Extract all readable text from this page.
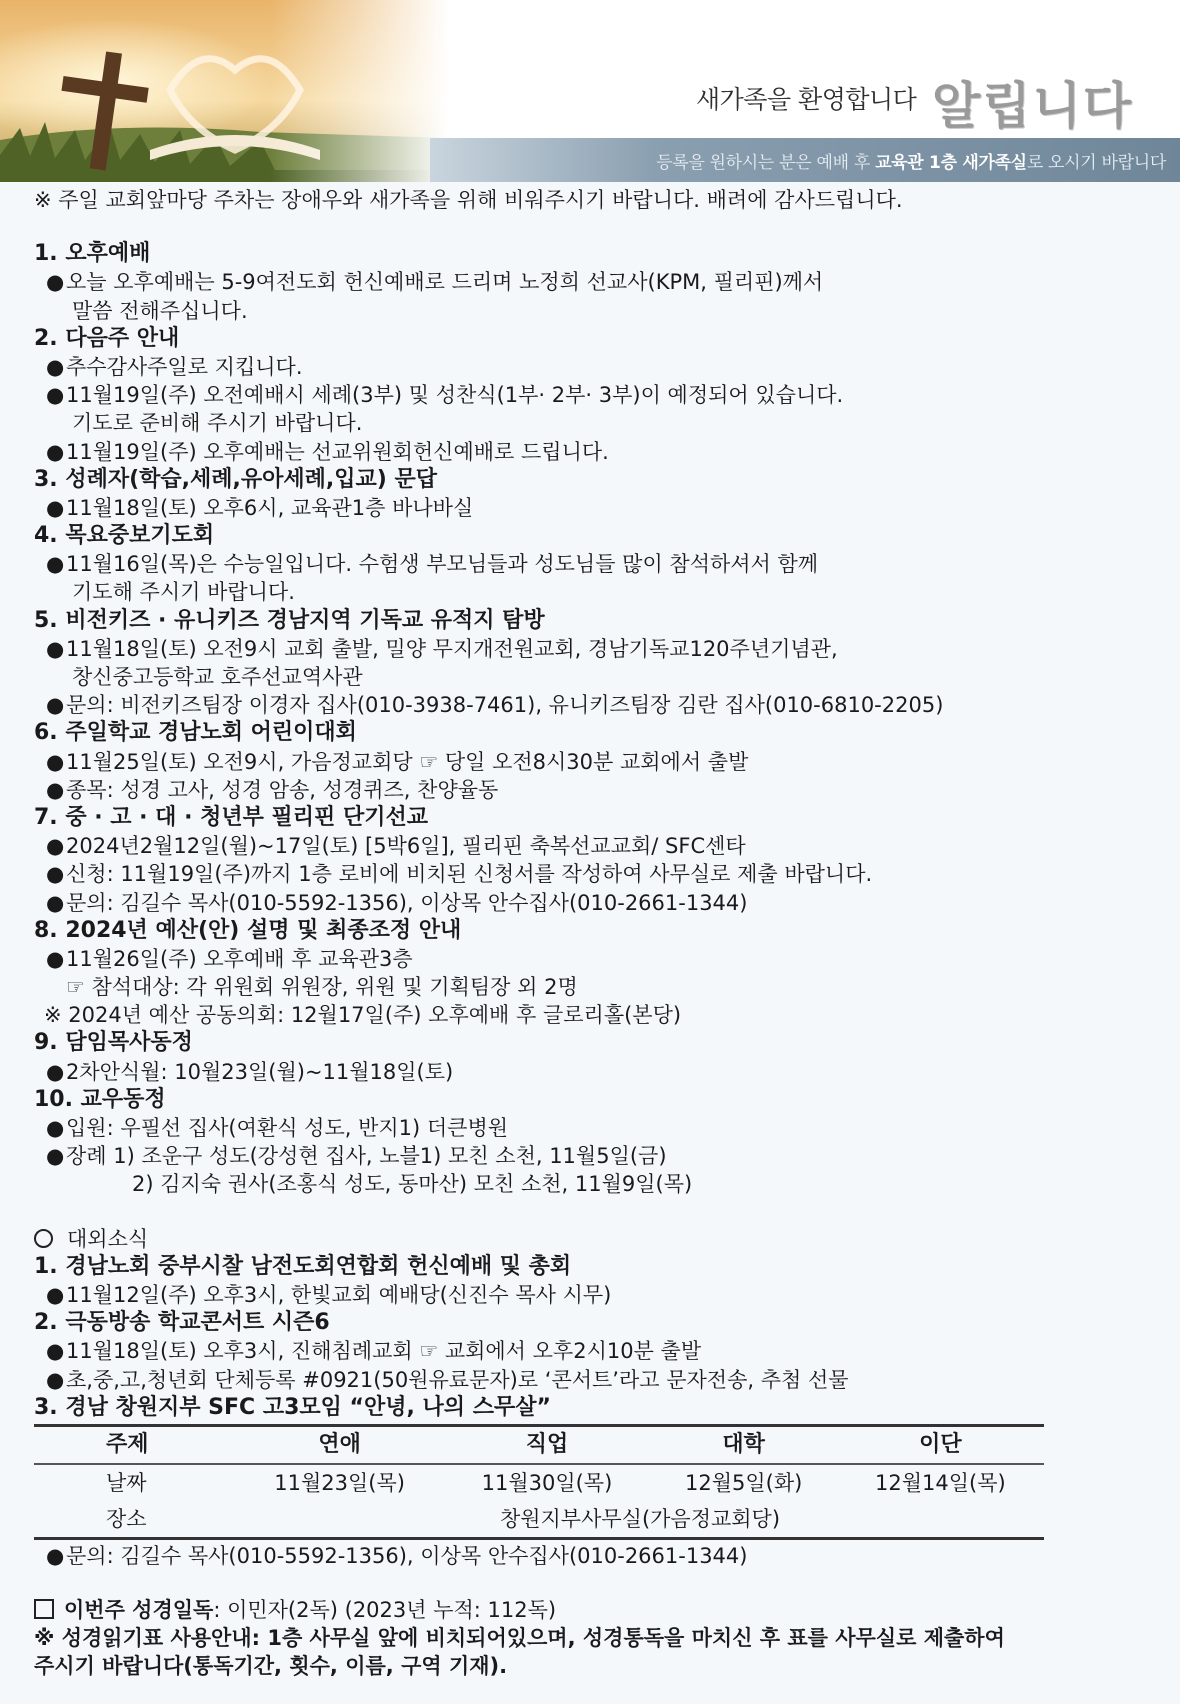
새가족을 환영합니다 알립니다
등록을 원하시는 분은 예배 후 교육관 1층 새가족실로 오시기 바랍니다
※ 주일 교회앞마당 주차는 장애우와 새가족을 위해 비워주시기 바랍니다. 배려에 감사드립니다.
1. 오후예배
●오늘 오후예배는 5-9여전도회 헌신예배로 드리며 노정희 선교사(KPM, 필리핀)께서
말씀 전해주십니다.
2. 다음주 안내
●추수감사주일로 지킵니다.
●11월19일(주) 오전예배시 세례(3부) 및 성찬식(1부· 2부· 3부)이 예정되어 있습니다.
기도로 준비해 주시기 바랍니다.
●11월19일(주) 오후예배는 선교위원회헌신예배로 드립니다.
3. 성례자(학습,세례,유아세례,입교) 문답
●11월18일(토) 오후6시, 교육관1층 바나바실
4. 목요중보기도회
●11월16일(목)은 수능일입니다. 수험생 부모님들과 성도님들 많이 참석하셔서 함께
기도해 주시기 바랍니다.
5. 비전키즈 · 유니키즈 경남지역 기독교 유적지 탐방
●11월18일(토) 오전9시 교회 출발, 밀양 무지개전원교회, 경남기독교120주년기념관,
창신중고등학교 호주선교역사관
●문의: 비전키즈팀장 이경자 집사(010-3938-7461), 유니키즈팀장 김란 집사(010-6810-2205)
6. 주일학교 경남노회 어린이대회
●11월25일(토) 오전9시, 가음정교회당 ☞ 당일 오전8시30분 교회에서 출발
●종목: 성경 고사, 성경 암송, 성경퀴즈, 찬양율동
7. 중 · 고 · 대 · 청년부 필리핀 단기선교
●2024년2월12일(월)~17일(토) [5박6일], 필리핀 축복선교교회/ SFC센타
●신청: 11월19일(주)까지 1층 로비에 비치된 신청서를 작성하여 사무실로 제출 바랍니다.
●문의: 김길수 목사(010-5592-1356), 이상목 안수집사(010-2661-1344)
8. 2024년 예산(안) 설명 및 최종조정 안내
●11월26일(주) 오후예배 후 교육관3층
☞ 참석대상: 각 위원회 위원장, 위원 및 기획팀장 외 2명
※ 2024년 예산 공동의회: 12월17일(주) 오후예배 후 글로리홀(본당)
9. 담임목사동정
●2차안식월: 10월23일(월)~11월18일(토)
10. 교우동정
●입원: 우필선 집사(여환식 성도, 반지1) 더큰병원
●장례 1) 조운구 성도(강성현 집사, 노블1) 모친 소천, 11월5일(금)
2) 김지숙 권사(조홍식 성도, 동마산) 모친 소천, 11월9일(목)
대외소식
1. 경남노회 중부시찰 남전도회연합회 헌신예배 및 총회
●11월12일(주) 오후3시, 한빛교회 예배당(신진수 목사 시무)
2. 극동방송 학교콘서트 시즌6
●11월18일(토) 오후3시, 진해침례교회 ☞ 교회에서 오후2시10분 출발
●초,중,고,청년회 단체등록 #0921(50원유료문자)로 ‘콘서트’라고 문자전송, 추첨 선물
3. 경남 창원지부 SFC 고3모임 “안녕, 나의 스무살”
주제	연애	직업	대학	이단
날짜	11월23일(목)	11월30일(목)	12월5일(화)	12월14일(목)
장소	창원지부사무실(가음정교회당)			
●문의: 김길수 목사(010-5592-1356), 이상목 안수집사(010-2661-1344)
이번주 성경일독: 이민자(2독) (2023년 누적: 112독)
※ 성경읽기표 사용안내: 1층 사무실 앞에 비치되어있으며, 성경통독을 마치신 후 표를 사무실로 제출하여
주시기 바랍니다(통독기간, 횟수, 이름, 구역 기재).
